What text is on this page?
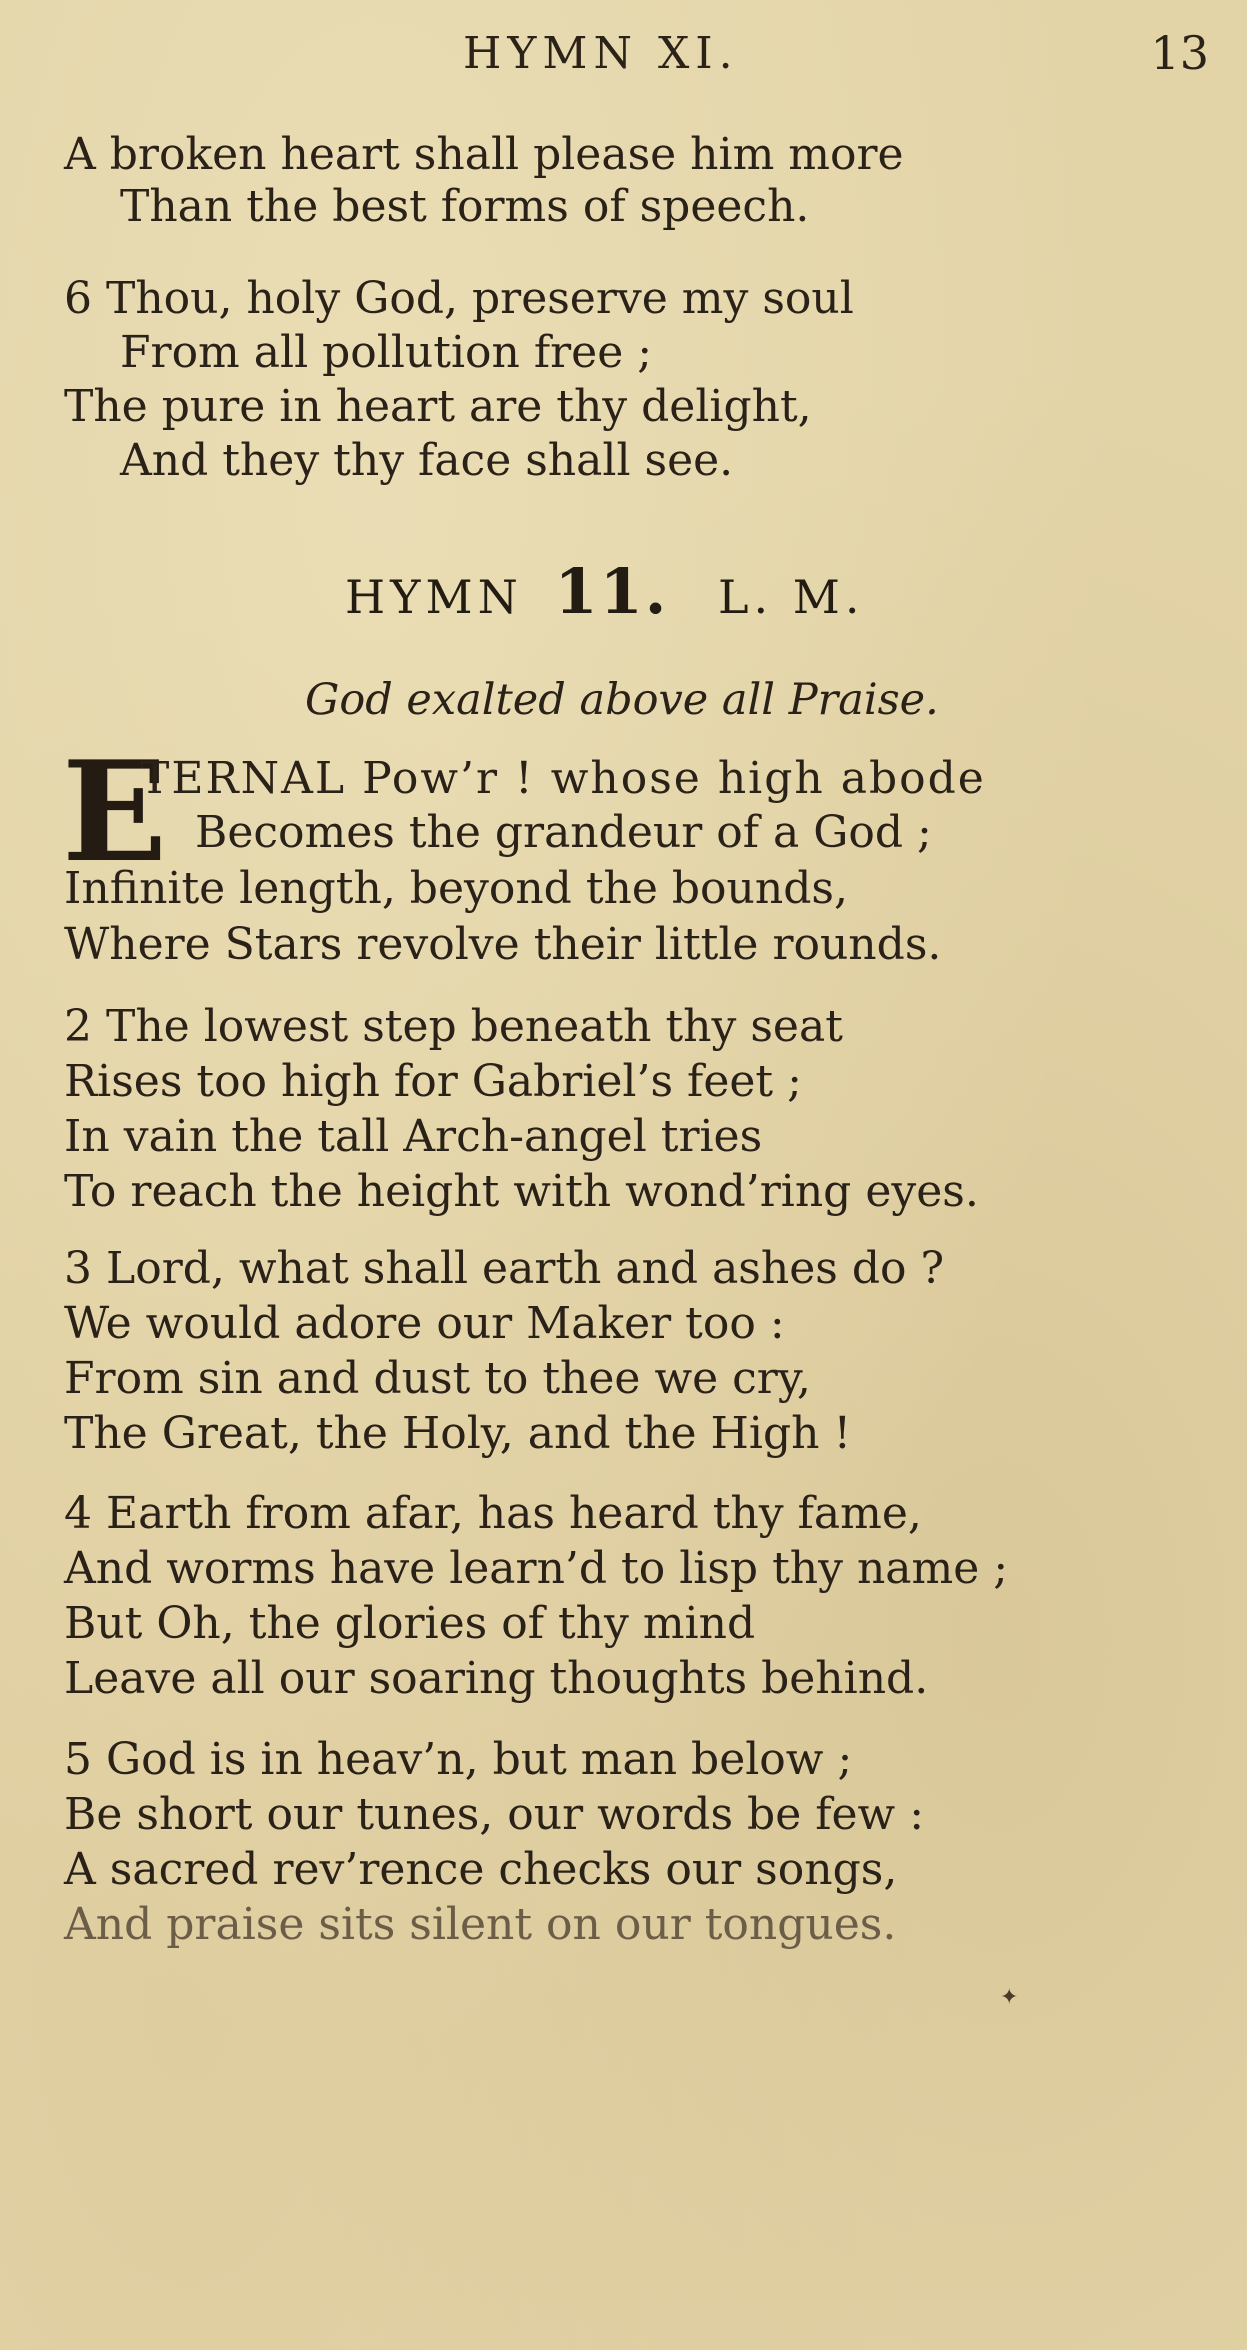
HYMN XI.	13
A broken heart shall please him more
Than the best forms of speech.
6 Thou, holy God, preserve my soul
From all pollution free ;
The pure in heart are thy delight,
And they thy face shall see.
HYMN 11. L. M.
God exalted above all Praise.
E
TERNAL Pow’r ! whose high abode
Becomes the grandeur of a God ;
Infinite length, beyond the bounds,
Where Stars revolve their little rounds.
2 The lowest step beneath thy seat
Rises too high for Gabriel’s feet ;
In vain the tall Arch-angel tries
To reach the height with wond’ring eyes.
3 Lord, what shall earth and ashes do ?
We would adore our Maker too :
From sin and dust to thee we cry,
The Great, the Holy, and the High !
4 Earth from afar, has heard thy fame,
And worms have learn’d to lisp thy name ;
But Oh, the glories of thy mind
Leave all our soaring thoughts behind.
5 God is in heav’n, but man below ;
Be short our tunes, our words be few :
A sacred rev’rence checks our songs,
And praise sits silent on our tongues.
✦
